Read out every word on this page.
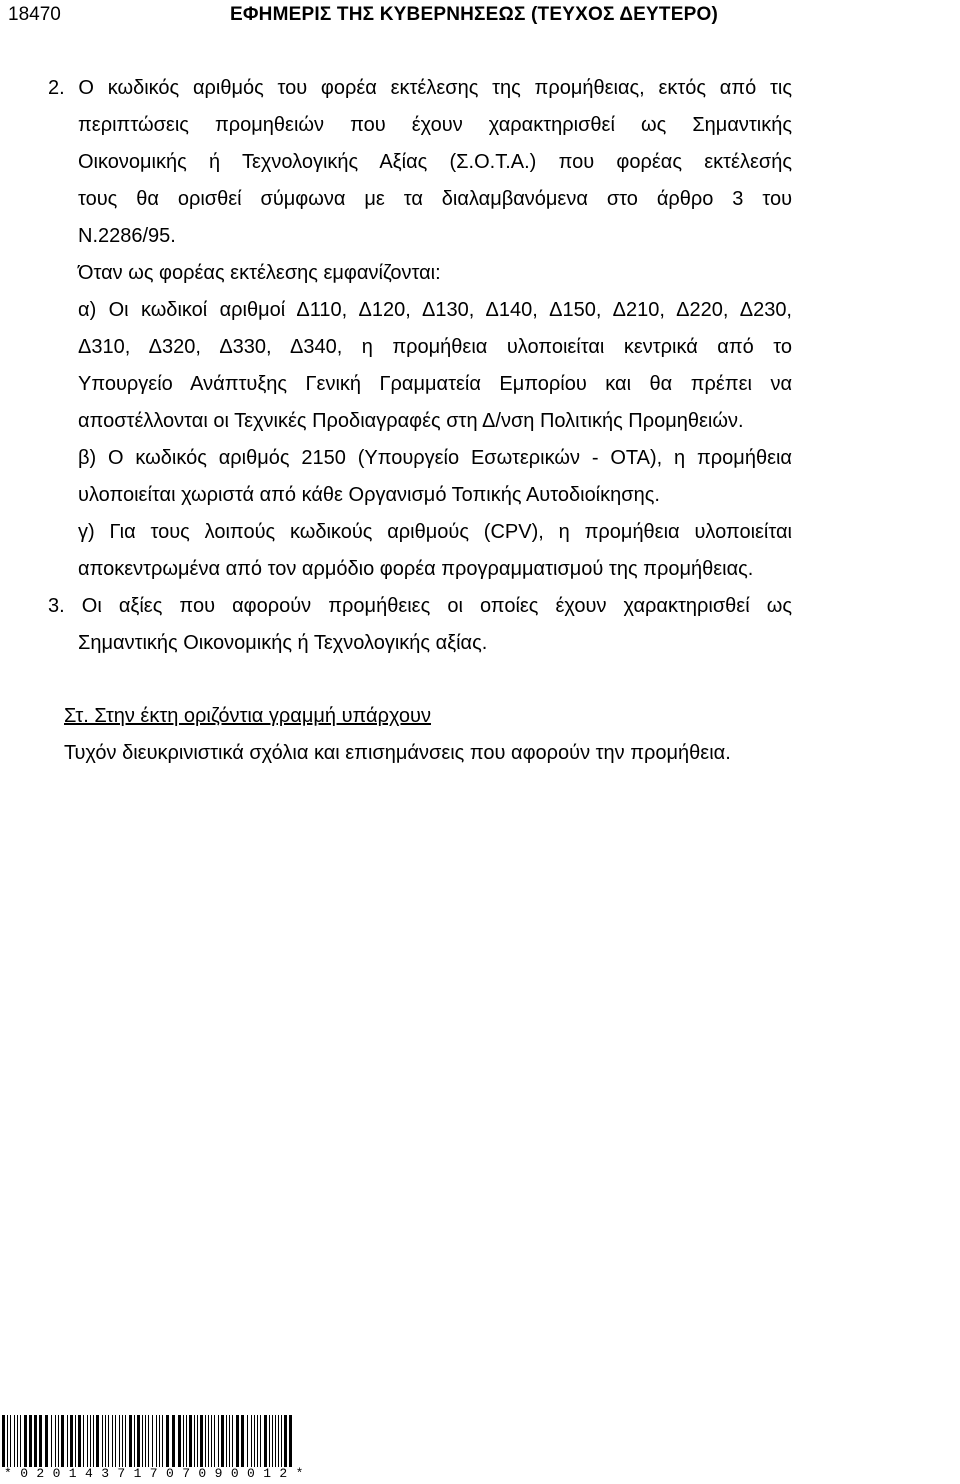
18470	ΕΦΗΜΕΡΙΣ ΤΗΣ ΚΥΒΕΡΝΗΣΕΩΣ (ΤΕΥΧΟΣ ΔΕΥΤΕΡΟ)
2. Ο κωδικός αριθμός του φορέα εκτέλεσης της προμήθειας, εκτός από τις
περιπτώσεις προμηθειών που έχουν χαρακτηρισθεί ως Σημαντικής
Οικονομικής ή Τεχνολογικής Αξίας (Σ.Ο.Τ.Α.) που φορέας εκτέλεσής
τους θα ορισθεί σύμφωνα με τα διαλαμβανόμενα στο άρθρο 3 του
Ν.2286/95.
Όταν ως φορέας εκτέλεσης εμφανίζονται:
α) Οι κωδικοί αριθμοί Δ110, Δ120, Δ130, Δ140, Δ150, Δ210, Δ220, Δ230,
Δ310, Δ320, Δ330, Δ340, η προμήθεια υλοποιείται κεντρικά από το
Υπουργείο Ανάπτυξης Γενική Γραμματεία Εμπορίου και θα πρέπει να
αποστέλλονται οι Τεχνικές Προδιαγραφές στη Δ/νση Πολιτικής Προμηθειών.
β) Ο κωδικός αριθμός 2150 (Υπουργείο Εσωτερικών - ΟΤΑ), η προμήθεια
υλοποιείται χωριστά από κάθε Οργανισμό Τοπικής Αυτοδιοίκησης.
γ) Για τους λοιπούς κωδικούς αριθμούς (CPV), η προμήθεια υλοποιείται
αποκεντρωμένα από τον αρμόδιο φορέα προγραμματισμού της προμήθειας.
3. Οι αξίες που αφορούν προμήθειες οι οποίες έχουν χαρακτηρισθεί ως
Σημαντικής Οικονομικής ή Τεχνολογικής αξίας.
Στ. Στην έκτη οριζόντια γραμμή υπάρχουν
Τυχόν διευκρινιστικά σχόλια και επισημάνσεις που αφορούν την προμήθεια.
*02014371707090012*
